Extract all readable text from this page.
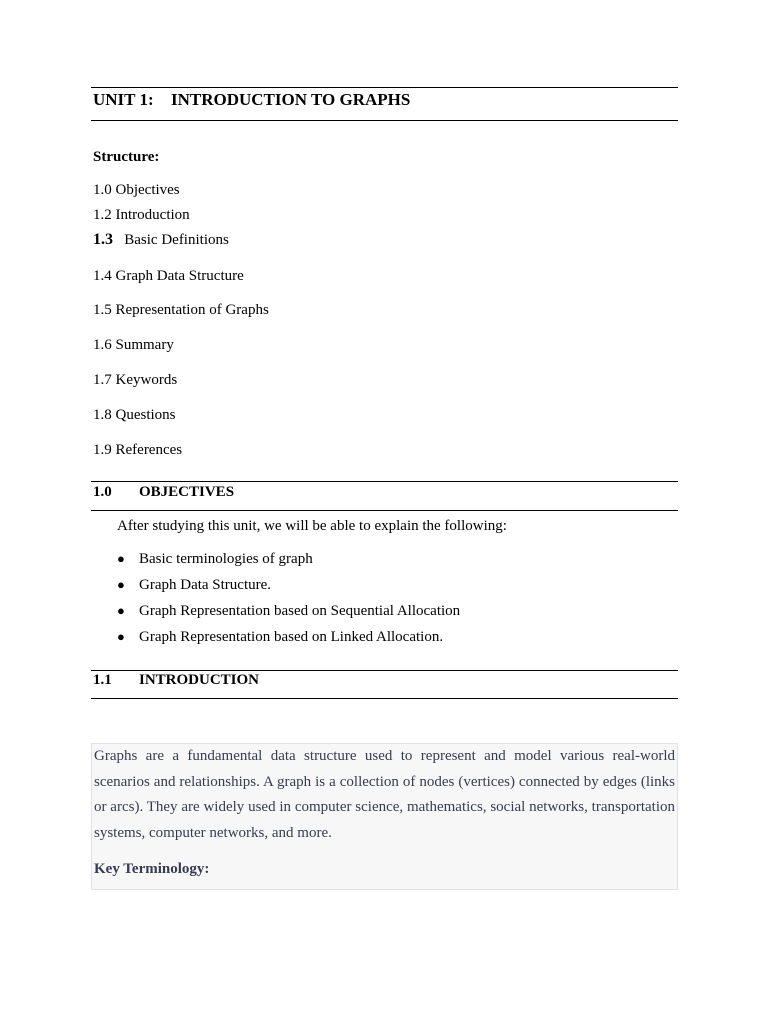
UNIT 1: INTRODUCTION TO GRAPHS
Structure:
1.0 Objectives
1.2 Introduction
1.3 Basic Definitions
1.4 Graph Data Structure
1.5 Representation of Graphs
1.6 Summary
1.7 Keywords
1.8 Questions
1.9 References
1.0 OBJECTIVES
After studying this unit, we will be able to explain the following:
● Basic terminologies of graph
● Graph Data Structure.
● Graph Representation based on Sequential Allocation
● Graph Representation based on Linked Allocation.
1.1 INTRODUCTION
Graphs are a fundamental data structure used to represent and model various real-world scenarios and relationships. A graph is a collection of nodes (vertices) connected by edges (links or arcs). They are widely used in computer science, mathematics, social networks, transportation systems, computer networks, and more.
Key Terminology:
